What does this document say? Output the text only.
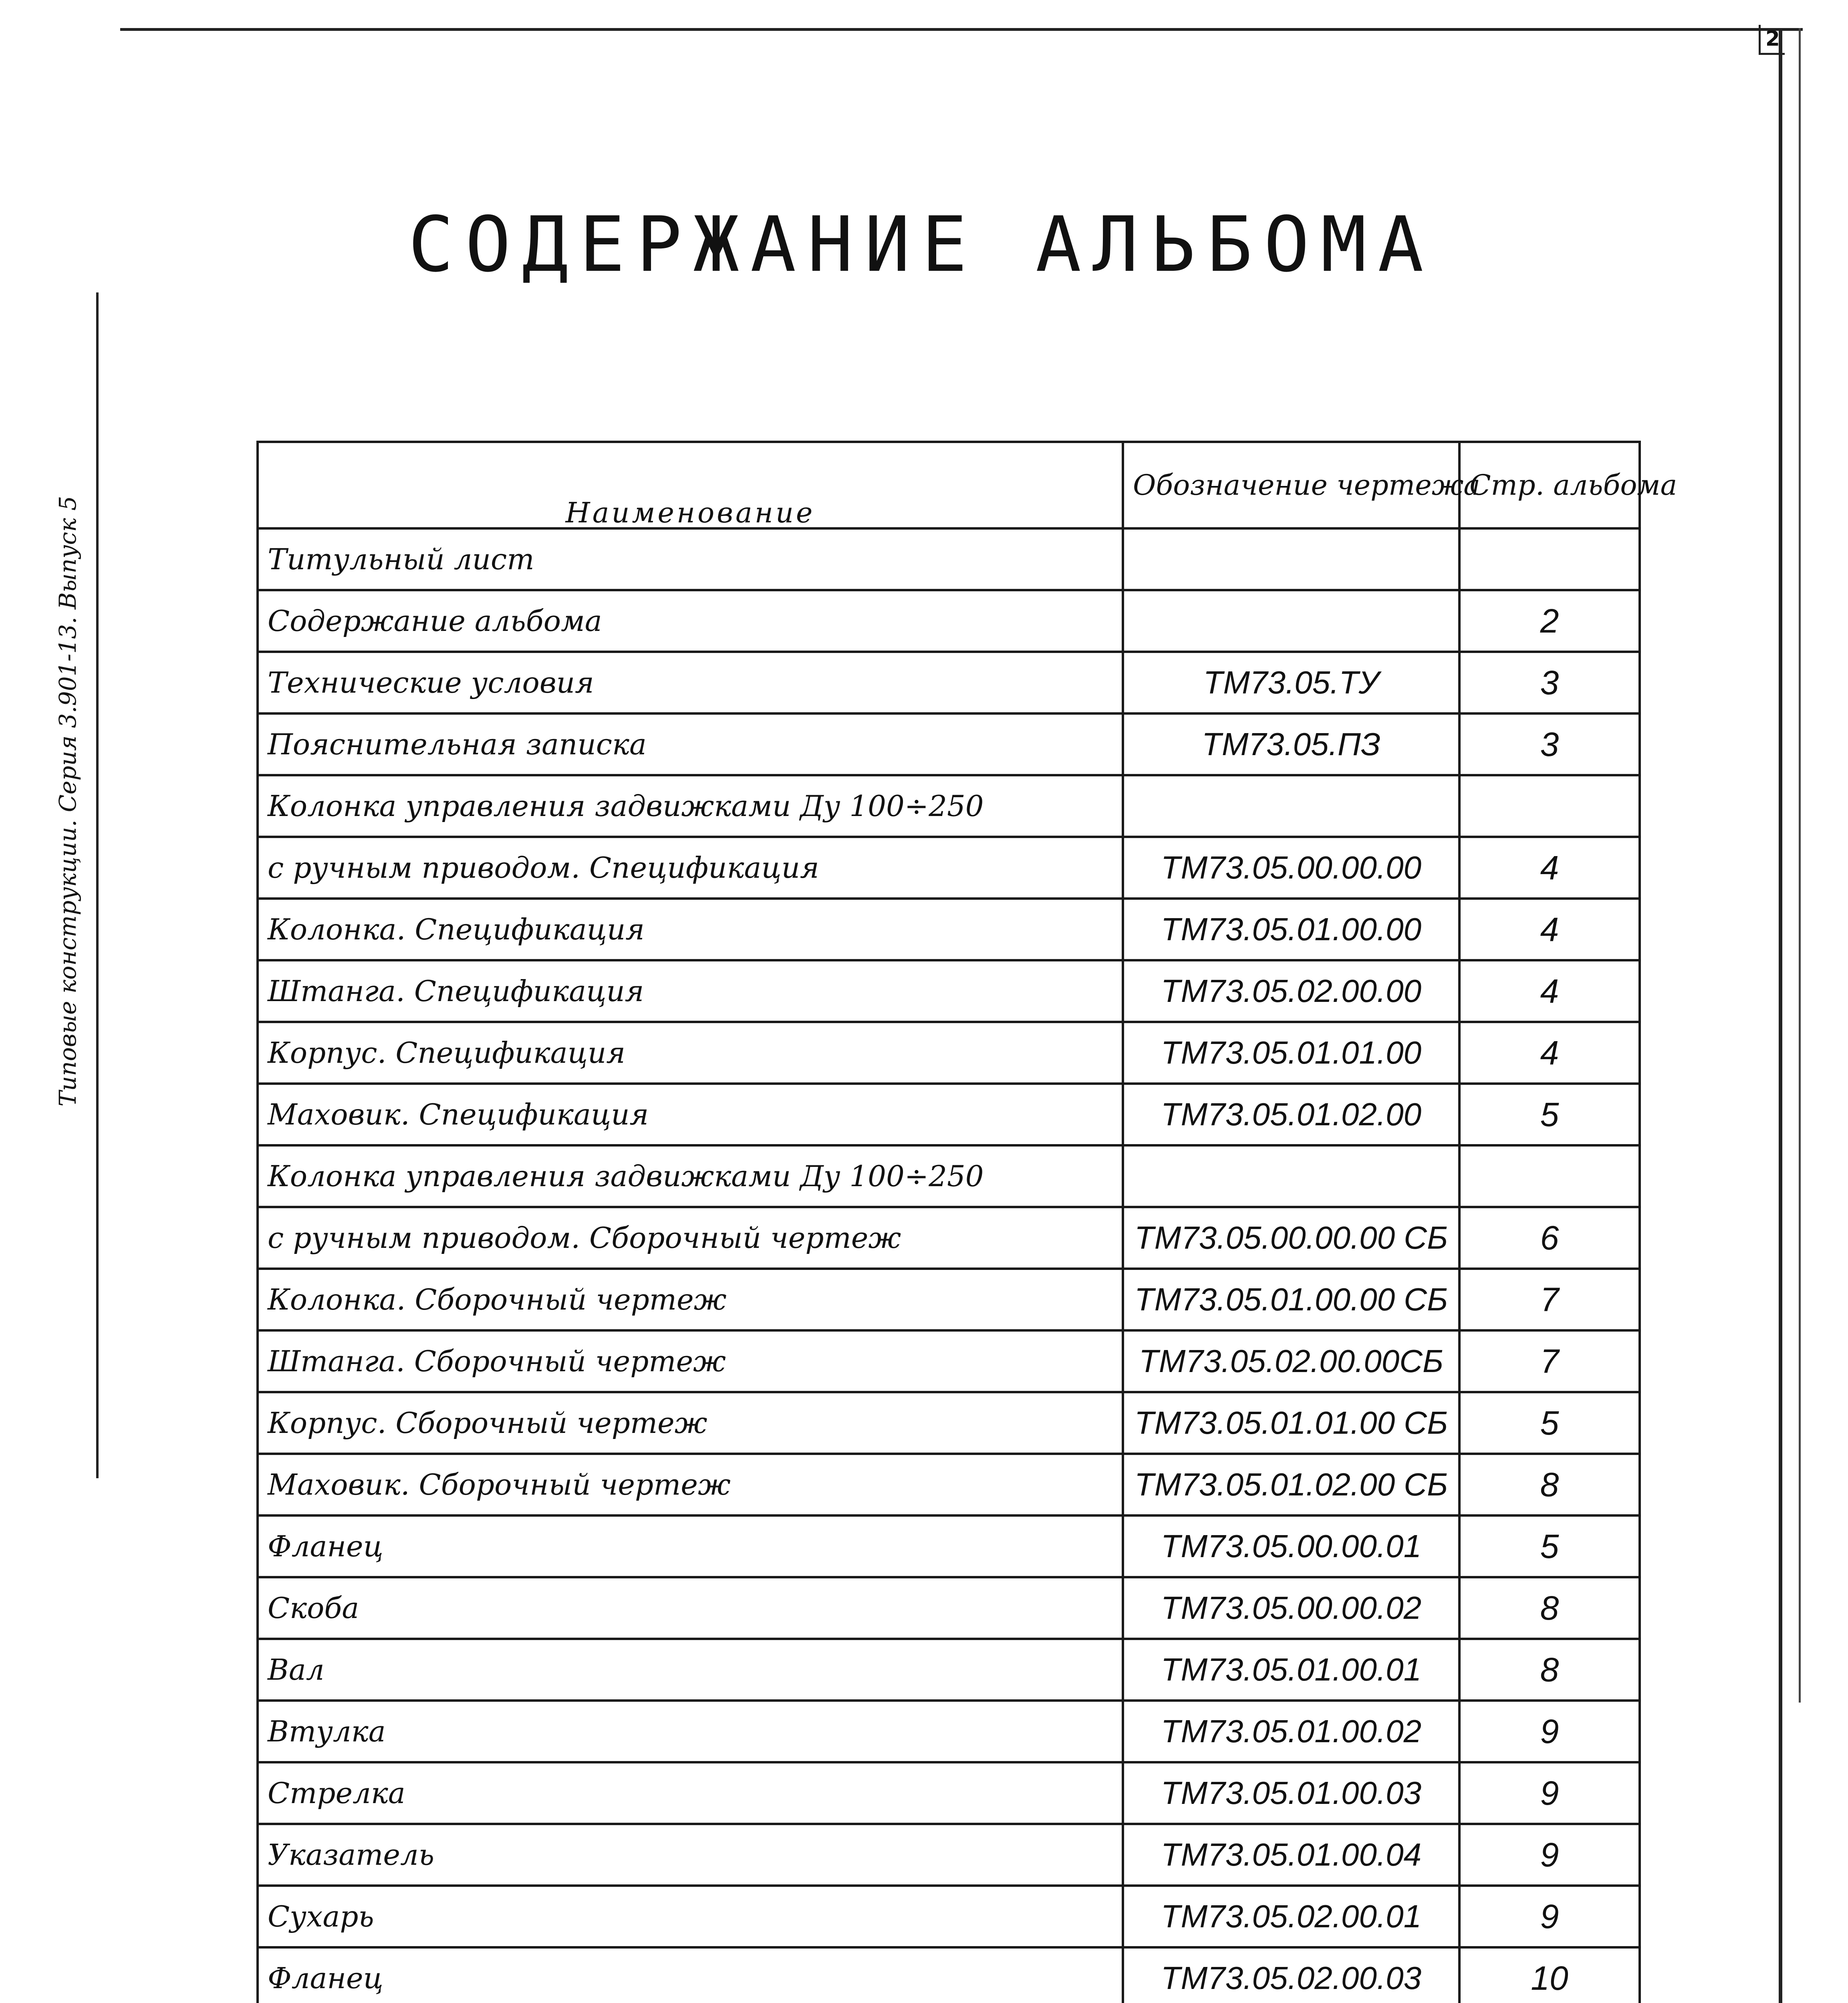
2
Типовые конструкции. Серия 3.901-13. Выпуск 5
СОДЕРЖАНИЕ АЛЬБОМА
Наименование	Обозначение чертежа	Стр. альбома
Титульный лист		
Содержание альбома		2
Технические условия	ТМ73.05.ТУ	3
Пояснительная записка	ТМ73.05.ПЗ	3
Колонка управления задвижками Ду 100÷250		
с ручным приводом. Спецификация	ТМ73.05.00.00.00	4
Колонка. Спецификация	ТМ73.05.01.00.00	4
Штанга. Спецификация	ТМ73.05.02.00.00	4
Корпус. Спецификация	ТМ73.05.01.01.00	4
Маховик. Спецификация	ТМ73.05.01.02.00	5
Колонка управления задвижками Ду 100÷250		
с ручным приводом. Сборочный чертеж	ТМ73.05.00.00.00 СБ	6
Колонка. Сборочный чертеж	ТМ73.05.01.00.00 СБ	7
Штанга. Сборочный чертеж	ТМ73.05.02.00.00СБ	7
Корпус. Сборочный чертеж	ТМ73.05.01.01.00 СБ	5
Маховик. Сборочный чертеж	ТМ73.05.01.02.00 СБ	8
Фланец	ТМ73.05.00.00.01	5
Скоба	ТМ73.05.00.00.02	8
Вал	ТМ73.05.01.00.01	8
Втулка	ТМ73.05.01.00.02	9
Стрелка	ТМ73.05.01.00.03	9
Указатель	ТМ73.05.01.00.04	9
Сухарь	ТМ73.05.02.00.01	9
Фланец	ТМ73.05.02.00.03	10
